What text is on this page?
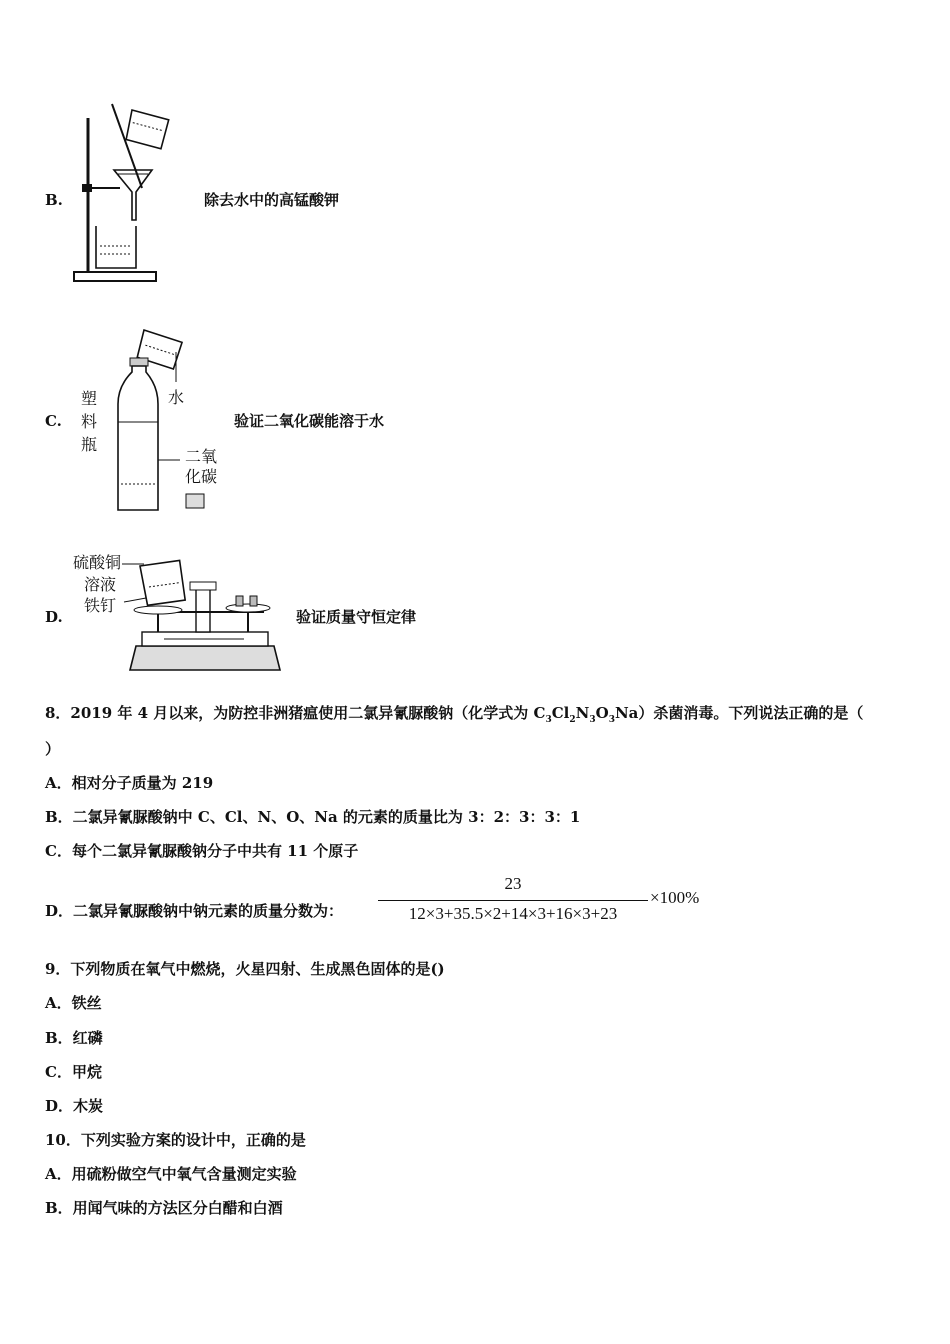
B.	除去水中的高锰酸钾
塑
料
瓶
水
二氧
化碳
C.	验证二氧化碳能溶于水
硫酸铜
溶液
铁钉
D.	验证质量守恒定律
8．2019 年 4 月以来，为防控非洲猪瘟使用二氯异氰脲酸钠（化学式为 $C_3Cl_2N_3O_3Na$）杀菌消毒。下列说法正确的是（
）
A．相对分子质量为 219
B．二氯异氰脲酸钠中 C、Cl、N、O、Na 的元素的质量比为 3：2：3：3：1
C．每个二氯异氰脲酸钠分子中共有 11 个原子
D．二氯异氰脲酸钠中钠元素的质量分数为：
23
12×3+35.5×2+14×3+16×3+23
×100%
9．下列物质在氧气中燃烧，火星四射、生成黑色固体的是()
A．铁丝
B．红磷
C．甲烷
D．木炭
10．下列实验方案的设计中，正确的是
A．用硫粉做空气中氧气含量测定实验
B．用闻气味的方法区分白醋和白酒
